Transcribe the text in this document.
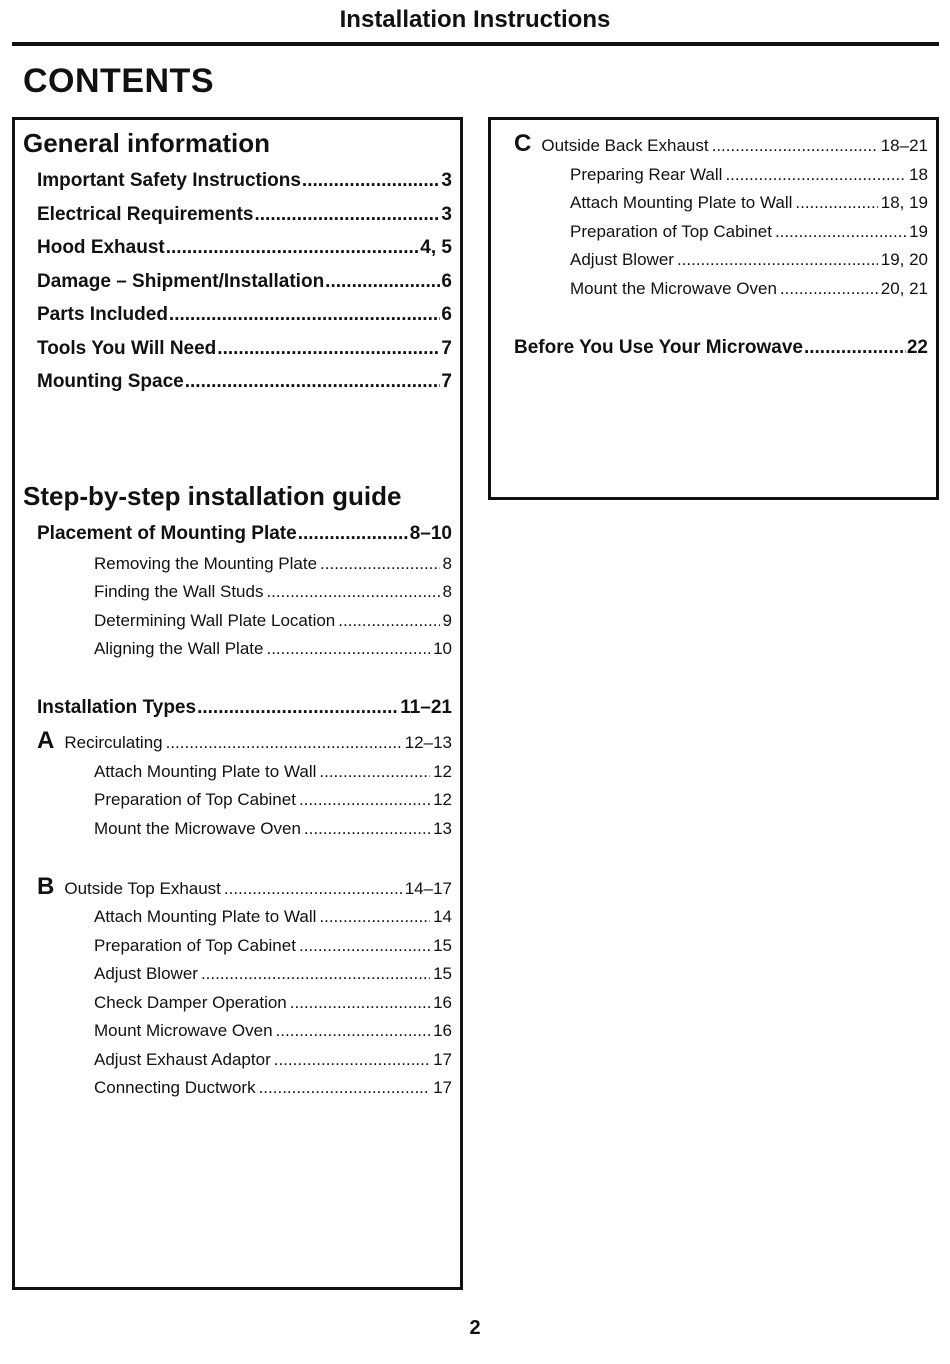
Installation Instructions
CONTENTS
General information
Important Safety Instructions .....	3
Electrical Requirements .....	3
Hood Exhaust .....	4, 5
Damage – Shipment/Installation .....	6
Parts Included .....	6
Tools You Will Need .....	7
Mounting Space .....	7
Step-by-step installation guide
Placement of Mounting Plate .....	8–10
Removing the Mounting Plate .....	8
Finding the Wall Studs .....	8
Determining Wall Plate Location .....	9
Aligning the Wall Plate .....	10
Installation Types .....	11–21
A Recirculating .....	12–13
Attach Mounting Plate to Wall .....	12
Preparation of Top Cabinet .....	12
Mount the Microwave Oven .....	13
B Outside Top Exhaust .....	14–17
Attach Mounting Plate to Wall .....	14
Preparation of Top Cabinet .....	15
Adjust Blower .....	15
Check Damper Operation .....	16
Mount Microwave Oven .....	16
Adjust Exhaust Adaptor .....	17
Connecting Ductwork .....	17
C Outside Back Exhaust .....	18–21
Preparing Rear Wall .....	18
Attach Mounting Plate to Wall .....	18, 19
Preparation of Top Cabinet .....	19
Adjust Blower .....	19, 20
Mount the Microwave Oven .....	20, 21
Before You Use Your Microwave .....	22
2
